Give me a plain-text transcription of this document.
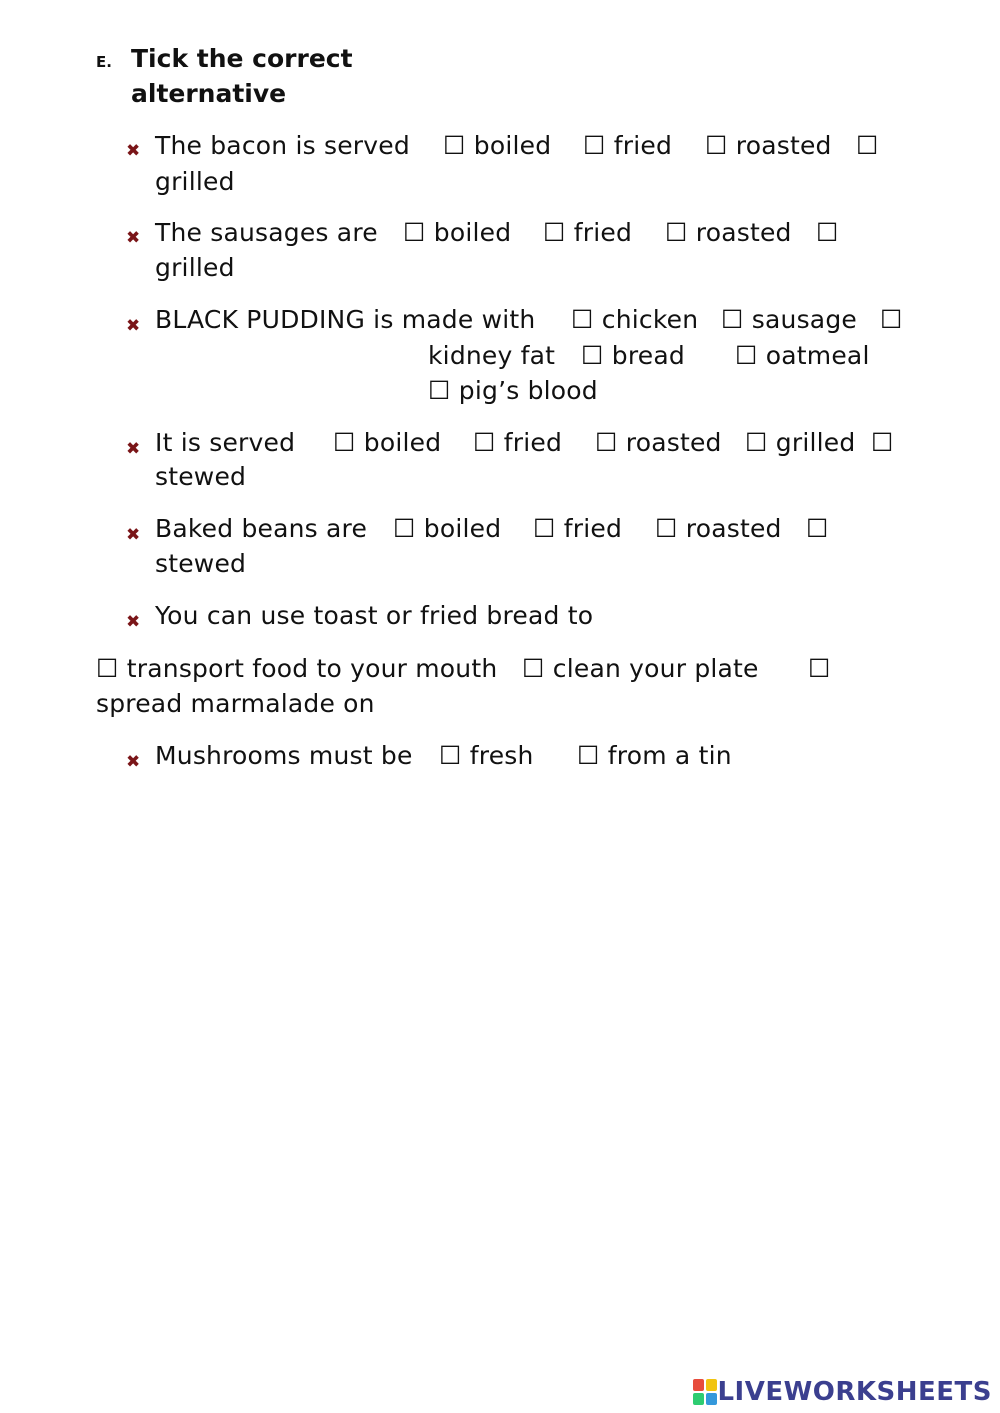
E. Tick the correct
alternative
✖ The bacon is served ☐ boiled ☐ fried ☐ roasted ☐
grilled
✖ The sausages are ☐ boiled ☐ fried ☐ roasted ☐
grilled
✖ BLACK PUDDING is made with ☐ chicken ☐ sausage ☐
kidney fat ☐ bread ☐ oatmeal
☐ pig’s blood
✖ It is served ☐ boiled ☐ fried ☐ roasted ☐ grilled ☐
stewed
✖ Baked beans are ☐ boiled ☐ fried ☐ roasted ☐
stewed
✖ You can use toast or fried bread to
☐ transport food to your mouth ☐ clean your plate ☐
spread marmalade on
✖ Mushrooms must be ☐ fresh ☐ from a tin
LIVEWORKSHEETS
